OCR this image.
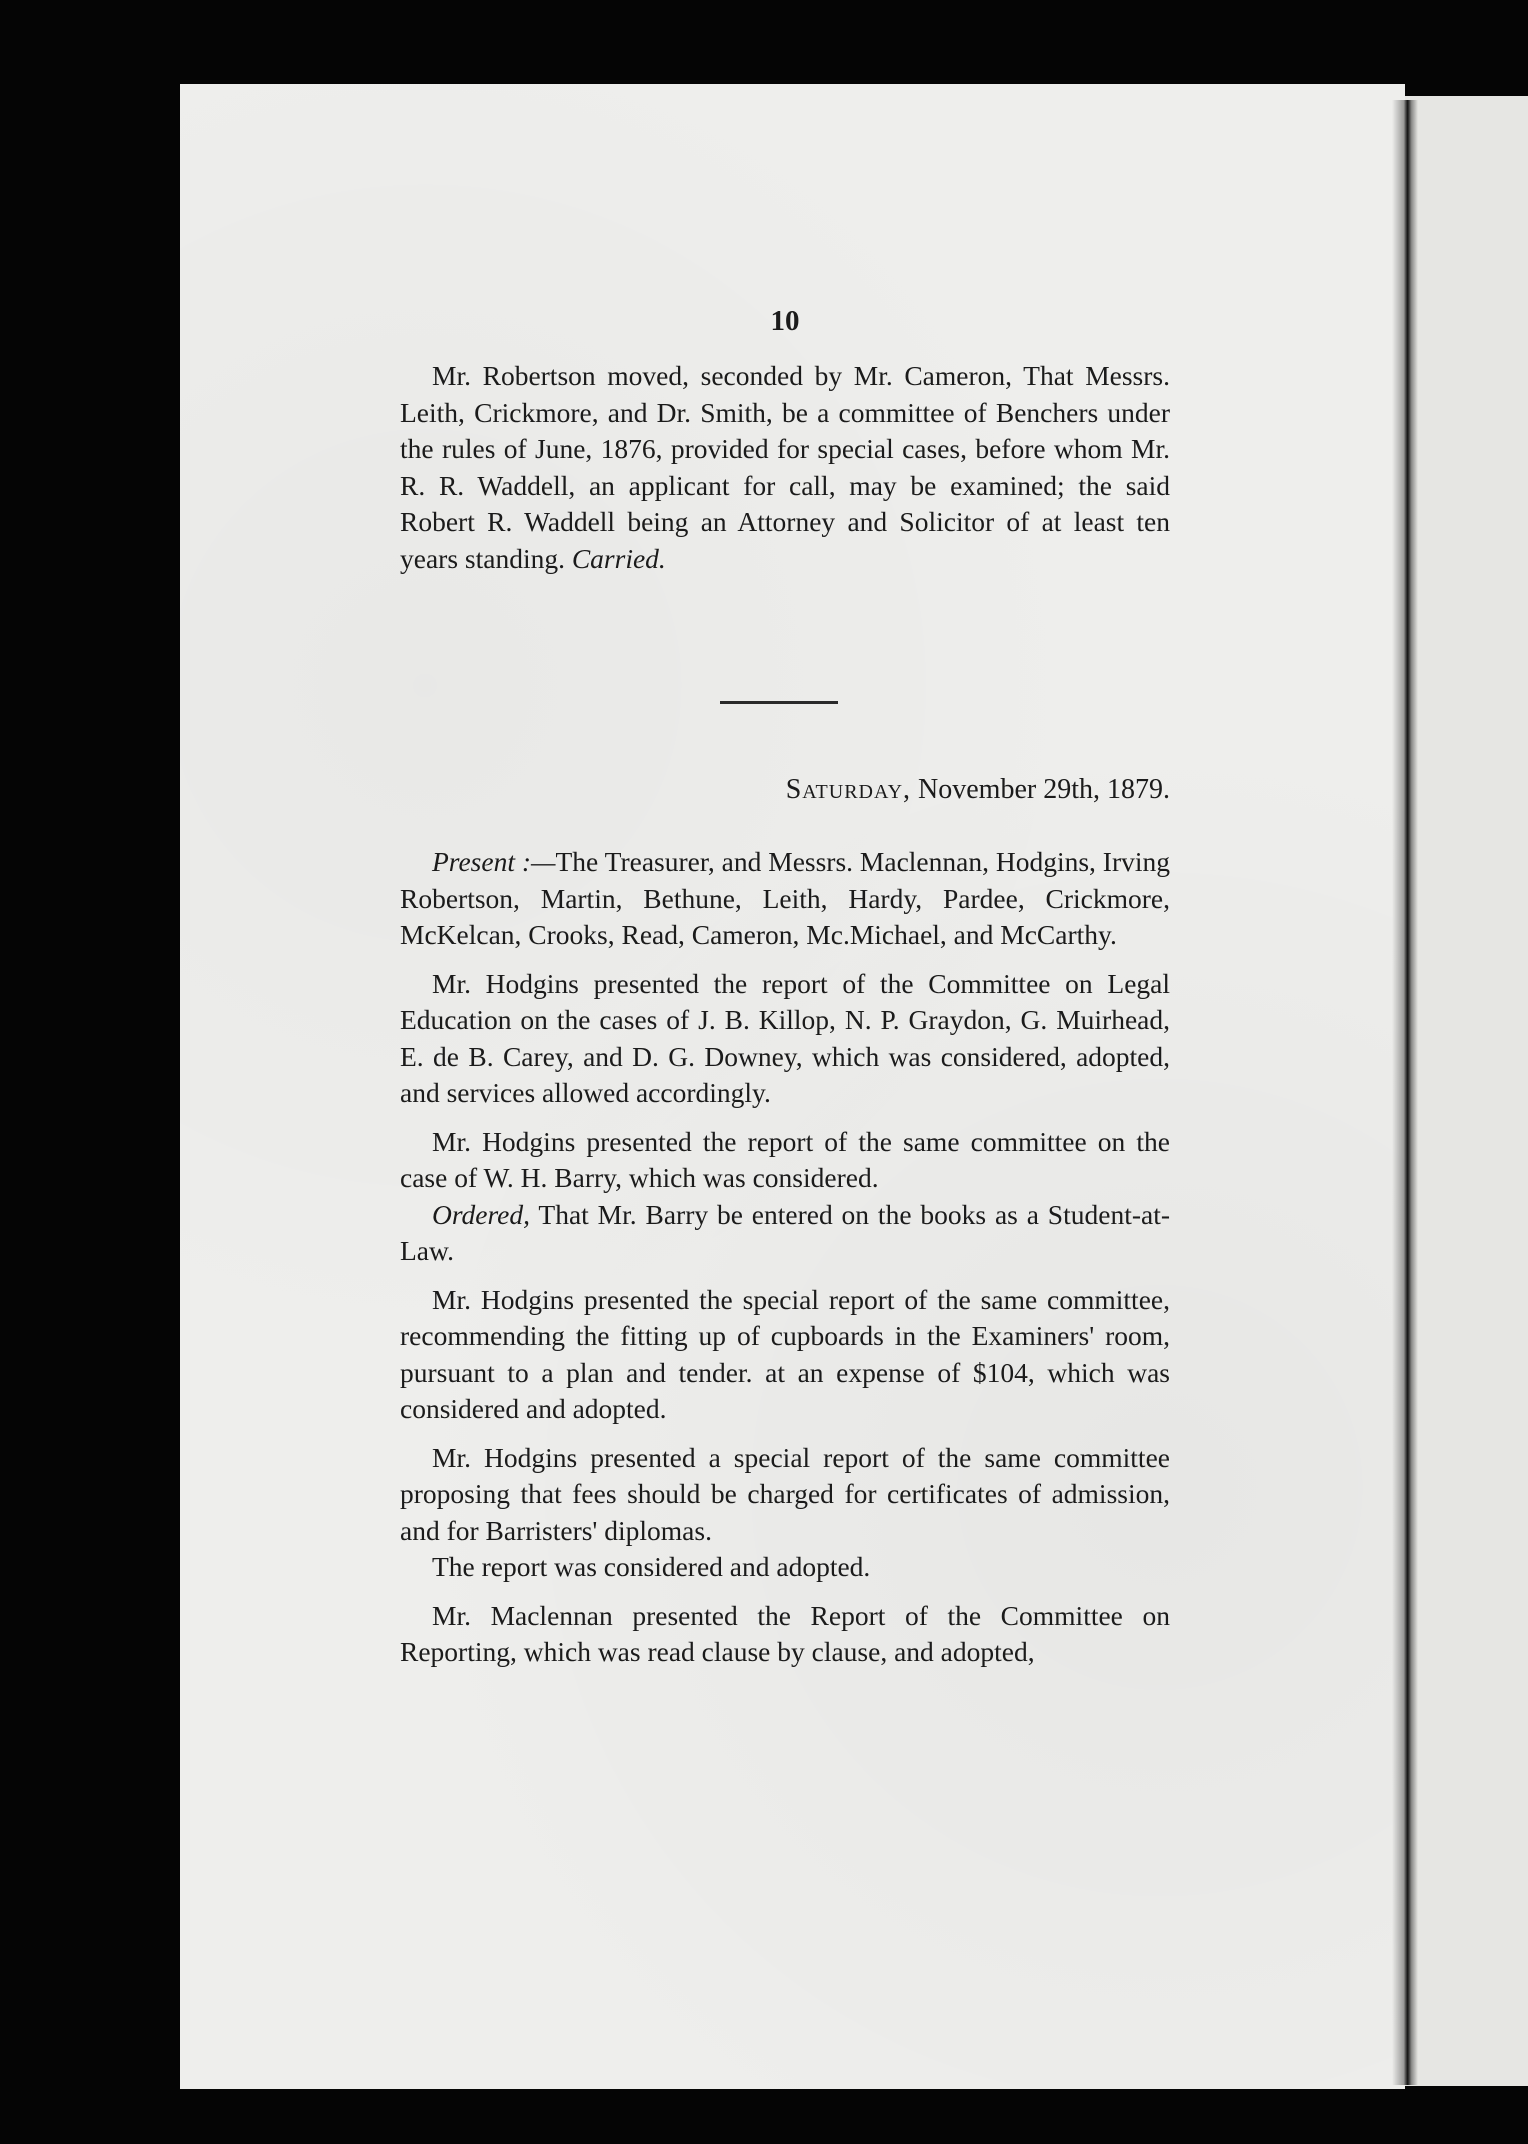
10

Mr. Robertson moved, seconded by Mr. Cameron, That Messrs. Leith, Crickmore, and Dr. Smith, be a committee of Benchers under the rules of June, 1876, provided for special cases, before whom Mr. R. R. Waddell, an applicant for call, may be examined; the said Robert R. Waddell being an Attorney and Solicitor of at least ten years standing. Carried.

Saturday, November 29th, 1879.

Present :—The Treasurer, and Messrs. Maclennan, Hodgins, Irving Robertson, Martin, Bethune, Leith, Hardy, Pardee, Crickmore, McKelcan, Crooks, Read, Cameron, Mc.Michael, and McCarthy.

Mr. Hodgins presented the report of the Committee on Legal Education on the cases of J. B. Killop, N. P. Graydon, G. Muirhead, E. de B. Carey, and D. G. Downey, which was considered, adopted, and services allowed accordingly.

Mr. Hodgins presented the report of the same committee on the case of W. H. Barry, which was considered.

Ordered, That Mr. Barry be entered on the books as a Student-at-Law.

Mr. Hodgins presented the special report of the same committee, recommending the fitting up of cupboards in the Examiners' room, pursuant to a plan and tender. at an expense of $104, which was considered and adopted.

Mr. Hodgins presented a special report of the same committee proposing that fees should be charged for certificates of admission, and for Barristers' diplomas.

The report was considered and adopted.

Mr. Maclennan presented the Report of the Committee on Reporting, which was read clause by clause, and adopted,
